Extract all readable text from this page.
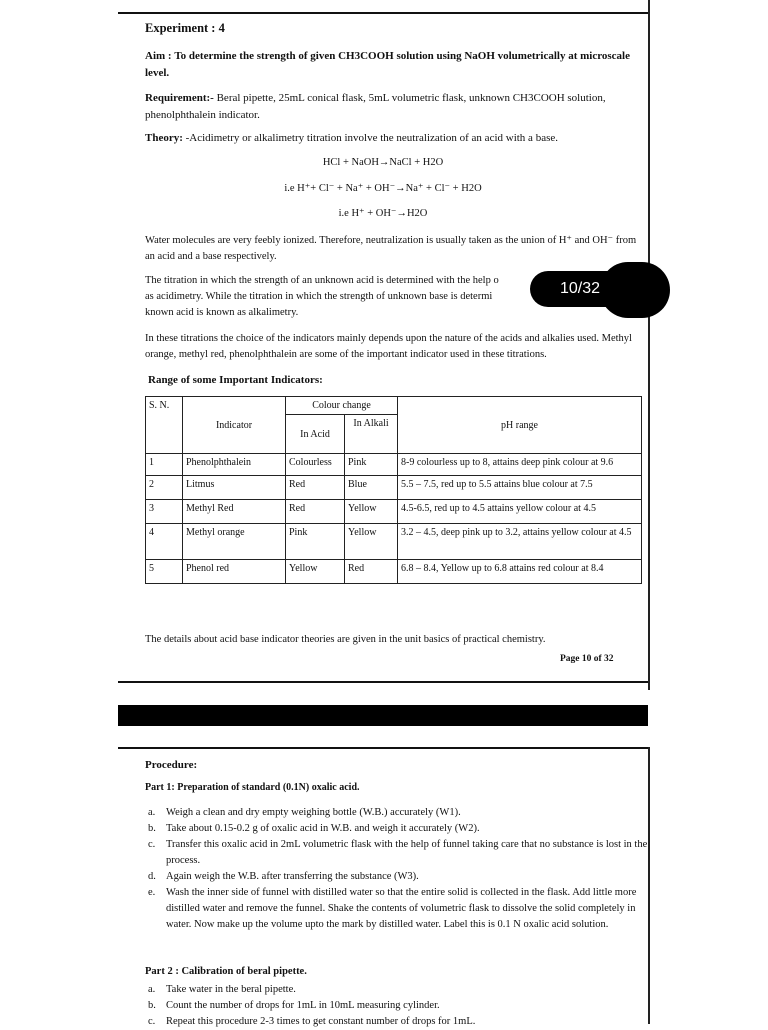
Experiment : 4
Aim : To determine the strength of given CH3COOH solution using NaOH volumetrically at microscale level.
Requirement:- Beral pipette, 25mL conical flask, 5mL volumetric flask, unknown CH3COOH solution, phenolphthalein indicator.
Theory: -Acidimetry or alkalimetry titration involve the neutralization of an acid with a base.
HCl + NaOH→NaCl + H2O
i.e H⁺+ Cl⁻ + Na⁺ + OH⁻→Na⁺ + Cl⁻ + H2O
i.e H⁺ + OH⁻→H2O
Water molecules are very feebly ionized. Therefore, neutralization is usually taken as the union of H⁺ and OH⁻ from an acid and a base respectively.
The titration in which the strength of an unknown acid is determined with the help o
as acidimetry. While the titration in which the strength of unknown base is determi
known acid is known as alkalimetry.
10/32
In these titrations the choice of the indicators mainly depends upon the nature of the acids and alkalies used. Methyl orange, methyl red, phenolphthalein are some of the important indicator used in these titrations.
Range of some Important Indicators:
S. N.	Indicator	Colour change		pH range
		In Acid	In Alkali	
1	Phenolphthalein	Colourless	Pink	8-9 colourless up to 8, attains deep pink colour at 9.6
2	Litmus	Red	Blue	5.5 – 7.5, red up to 5.5 attains blue colour at 7.5
3	Methyl Red	Red	Yellow	4.5-6.5, red up to 4.5 attains yellow colour at 4.5
4	Methyl orange	Pink	Yellow	3.2 – 4.5, deep pink up to 3.2, attains yellow colour at 4.5
5	Phenol red	Yellow	Red	6.8 – 8.4, Yellow up to 6.8 attains red colour at 8.4
The details about acid base indicator theories are given in the unit basics of practical chemistry.
Page 10 of 32
Procedure:
Part 1: Preparation of standard (0.1N) oxalic acid.
a.	Weigh a clean and dry empty weighing bottle (W.B.) accurately (W1).
b. Take about 0.15-0.2 g of oxalic acid in W.B. and weigh it accurately (W2).
c.	Transfer this oxalic acid in 2mL volumetric flask with the help of funnel taking care that no substance is lost in the process.
d. Again weigh the W.B. after transferring the substance (W3).
e.	Wash the inner side of funnel with distilled water so that the entire solid is collected in the flask. Add little more distilled water and remove the funnel. Shake the contents of volumetric flask to dissolve the solid completely in water. Now make up the volume upto the mark by distilled water. Label this is 0.1 N oxalic acid solution.
Part 2 : Calibration of beral pipette.
a.	Take water in the beral pipette.
b. Count the number of drops for 1mL in 10mL measuring cylinder.
c.	Repeat this procedure 2-3 times to get constant number of drops for 1mL.
